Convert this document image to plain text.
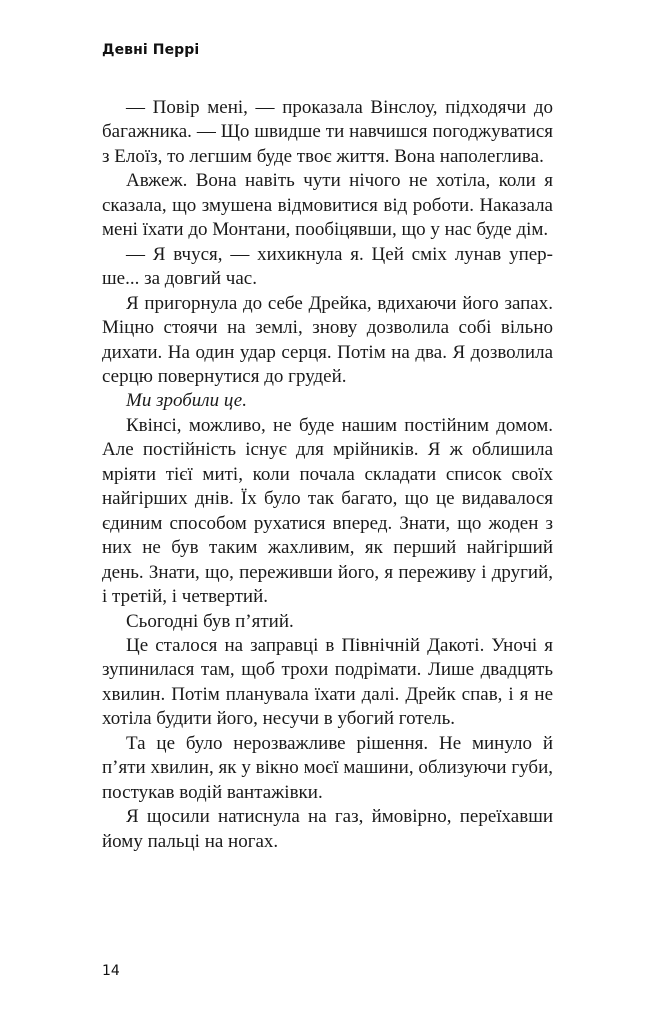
Девні Перрі

— Повір мені, — проказала Вінслоу, підходячи до багажника. — Що швидше ти навчишся погоджуватися з Елоїз, то легшим буде твоє життя. Вона наполеглива.

Авжеж. Вона навіть чути нічого не хотіла, коли я сказала, що змушена відмовитися від роботи. Наказала мені їхати до Монтани, пообіцявши, що у нас буде дім.

— Я вчуся, — хихикнула я. Цей сміх лунав уперше... за довгий час.

Я пригорнула до себе Дрейка, вдихаючи його запах. Міцно стоячи на землі, знову дозволила собі вільно дихати. На один удар серця. Потім на два. Я дозволила серцю повернутися до грудей.

Ми зробили це.

Квінсі, можливо, не буде нашим постійним домом. Але постійність існує для мрійників. Я ж облишила мріяти тієї миті, коли почала складати список своїх найгірших днів. Їх було так багато, що це видавалося єдиним способом рухатися вперед. Знати, що жоден з них не був таким жахливим, як перший найгірший день. Знати, що, переживши його, я переживу і другий, і третій, і четвертий.

Сьогодні був п’ятий.

Це сталося на заправці в Північній Дакоті. Уночі я зупинилася там, щоб трохи подрімати. Лише двадцять хвилин. Потім планувала їхати далі. Дрейк спав, і я не хотіла будити його, несучи в убогий готель.

Та це було нерозважливе рішення. Не минуло й п’яти хвилин, як у вікно моєї машини, облизуючи губи, постукав водій вантажівки.

Я щосили натиснула на газ, ймовірно, переїхавши йому пальці на ногах.

14
